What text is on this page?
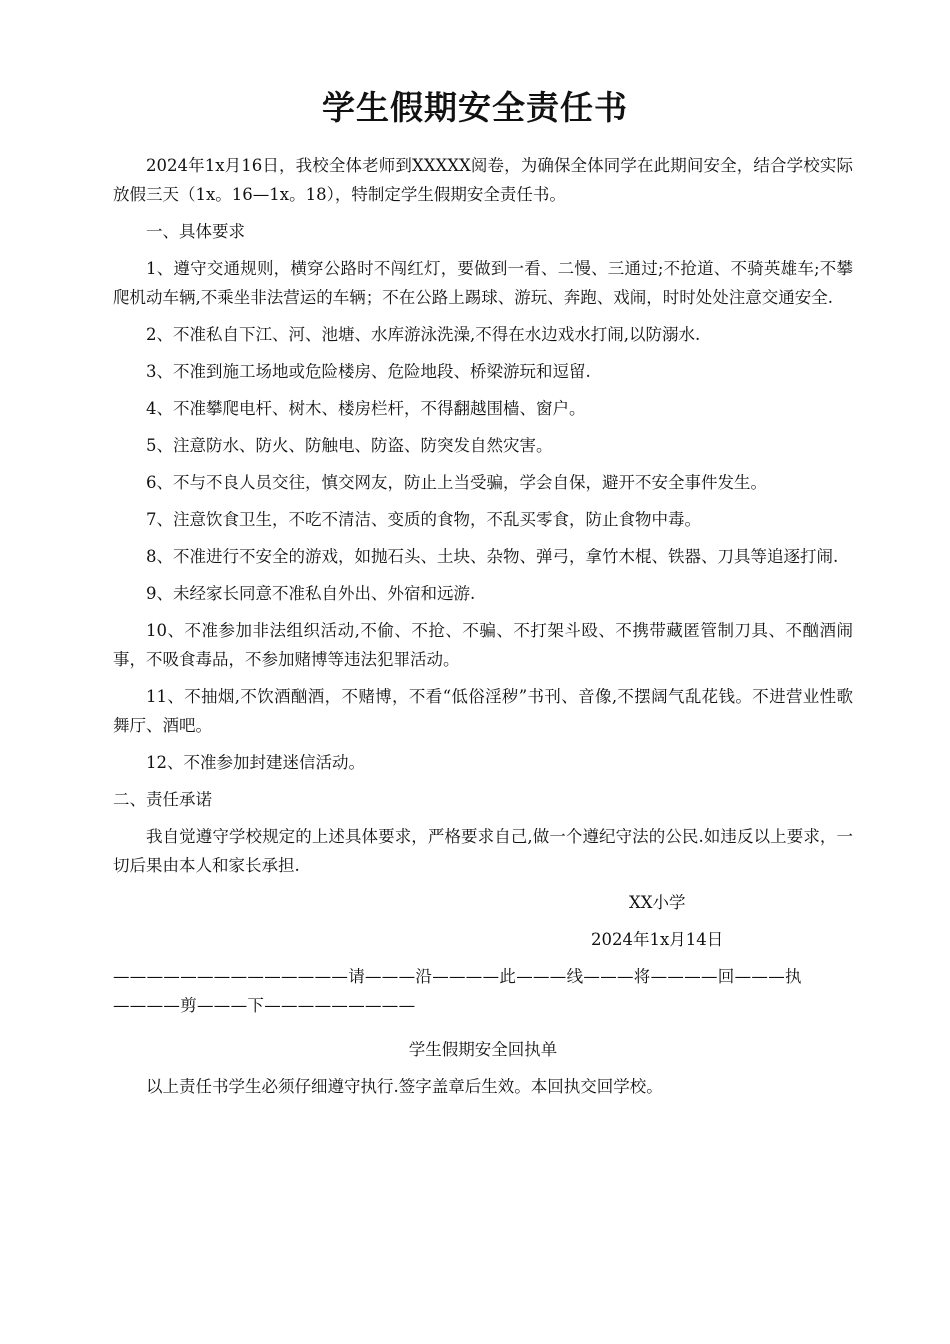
学生假期安全责任书

2024年1x月16日，我校全体老师到XXXXX阅卷，为确保全体同学在此期间安全，结合学校实际放假三天（1x。16—1x。18），特制定学生假期安全责任书。

一、具体要求

1、遵守交通规则，横穿公路时不闯红灯，要做到一看、二慢、三通过;不抢道、不骑英雄车;不攀爬机动车辆,不乘坐非法营运的车辆；不在公路上踢球、游玩、奔跑、戏闹，时时处处注意交通安全.

2、不准私自下江、河、池塘、水库游泳洗澡,不得在水边戏水打闹,以防溺水.

3、不准到施工场地或危险楼房、危险地段、桥梁游玩和逗留.

4、不准攀爬电杆、树木、楼房栏杆，不得翻越围樯、窗户。

5、注意防水、防火、防触电、防盗、防突发自然灾害。

6、不与不良人员交往，慎交网友，防止上当受骗，学会自保，避开不安全事件发生。

7、注意饮食卫生，不吃不清洁、变质的食物，不乱买零食，防止食物中毒。

8、不准进行不安全的游戏，如抛石头、土块、杂物、弹弓，拿竹木棍、铁器、刀具等追逐打闹.

9、未经家长同意不准私自外出、外宿和远游.

10、不准参加非法组织活动,不偷、不抢、不骗、不打架斗殴、不携带藏匿管制刀具、不酗酒闹事，不吸食毒品，不参加赌博等违法犯罪活动。

11、不抽烟,不饮酒酗酒，不赌博，不看“低俗淫秽”书刊、音像,不摆阔气乱花钱。不进营业性歌舞厅、酒吧。

12、不准参加封建迷信活动。

二、责任承诺

我自觉遵守学校规定的上述具体要求，严格要求自己,做一个遵纪守法的公民.如违反以上要求，一切后果由本人和家长承担.

XX小学

2024年1x月14日

——————————————请———沿————此———线———将————回———执————剪———下—————————

学生假期安全回执单

以上责任书学生必须仔细遵守执行.签字盖章后生效。本回执交回学校。
